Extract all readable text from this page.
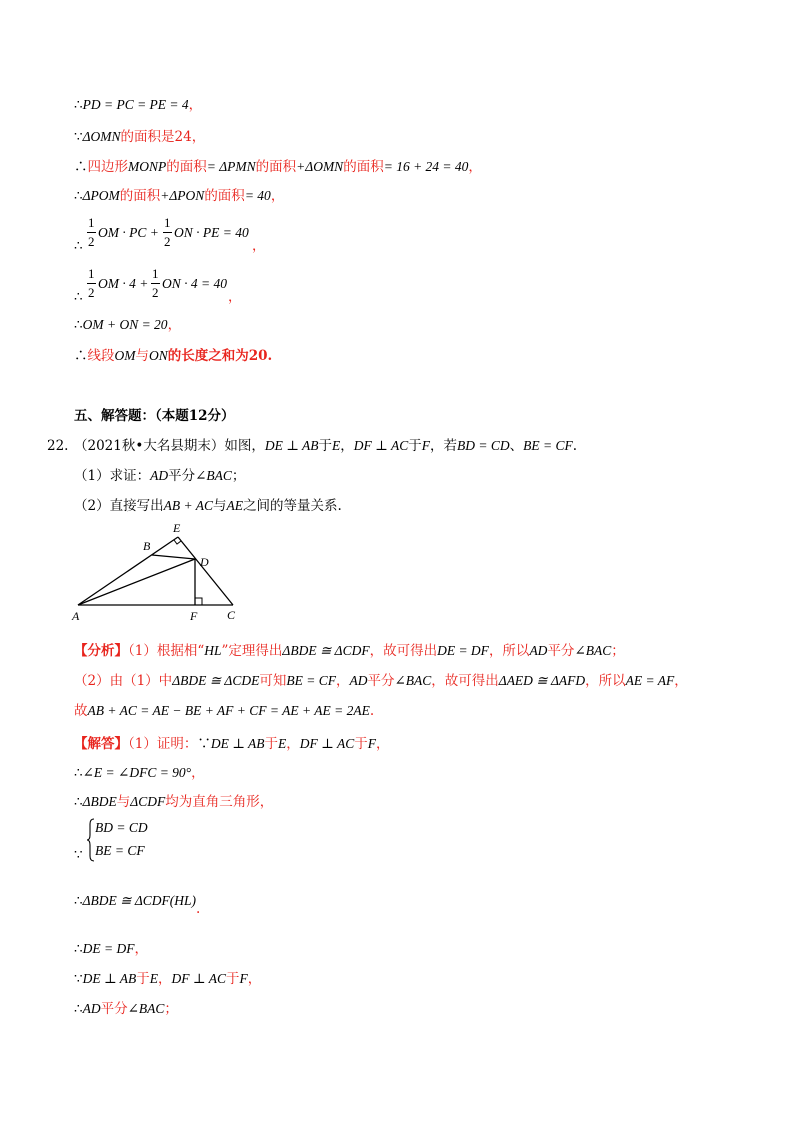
∴PD = PC = PE = 4，
∵ΔOMN的面积是24，
∴四边形MONP的面积= ΔPMN的面积+ΔOMN的面积= 16 + 24 = 40，
∴ΔPOM的面积+ΔPON的面积= 40，
∴
1
2
OM · PC +
1
2
ON · PE = 40
，
∴
1
2
OM · 4 +
1
2
ON · 4 = 40
，
∴OM + ON = 20，
∴线段OM与ON的长度之和为20.
五、解答题：（本题12分）
22. （2021秋•大名县期末）如图，DE ⊥ AB于E，DF ⊥ AC于F，若BD = CD、BE = CF.
（1）求证：AD平分∠BAC；
（2）直接写出AB + AC与AE之间的等量关系.
E
B
D
A	F C
【分析】（1）根据相“HL”定理得出ΔBDE ≅ ΔCDF，故可得出DE = DF，所以AD平分∠BAC；
（2）由（1）中ΔBDE ≅ ΔCDE可知BE = CF，AD平分∠BAC，故可得出ΔAED ≅ ΔAFD，所以AE = AF，
故AB + AC = AE − BE + AF + CF = AE + AE = 2AE.
【解答】（1）证明：∵DE ⊥ AB于E，DF ⊥ AC于F，
∴∠E = ∠DFC = 90°，
∴ΔBDE与ΔCDF均为直角三角形，
∵
BD = CD
BE = CF
∴ΔBDE ≅ ΔCDF(HL).
∴DE = DF，
∵DE ⊥ AB于E，DF ⊥ AC于F，
∴AD平分∠BAC；
